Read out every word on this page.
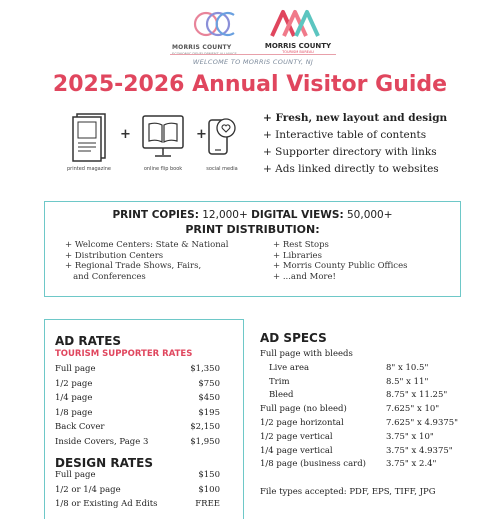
MORRIS COUNTY	MORRIS COUNTY
TOURISM BUREAU
WELCOME TO MORRIS COUNTY, NJ
2025-2026 Annual Visitor Guide
printed magazine
+
online flip book
+
social media
+ Fresh, new layout and design
+ Interactive table of contents
+ Supporter directory with links
+ Ads linked directly to websites
PRINT COPIES: 12,000+ DIGITAL VIEWS: 50,000+
PRINT DISTRIBUTION:
+ Welcome Centers: State & National
+ Distribution Centers
+ Regional Trade Shows, Fairs,
and Conferences
+ Rest Stops
+ Libraries
+ Morris County Public Offices
+ ...and More!
AD RATES
TOURISM SUPPORTER RATES
Full page	$1,350
1/2 page	$750
1/4 page	$450
1/8 page	$195
Back Cover	$2,150
Inside Covers, Page 3	$1,950
DESIGN RATES
Full page	$150
1/2 or 1/4 page	$100
1/8 or Existing Ad Edits	FREE
AD SPECS
Full page with bleeds
Live area	8" x 10.5"
Trim	8.5" x 11"
Bleed	8.75" x 11.25"
Full page (no bleed)	7.625" x 10"
1/2 page horizontal	7.625" x 4.9375"
1/2 page vertical	3.75" x 10"
1/4 page vertical	3.75" x 4.9375"
1/8 page (business card) 3.75" x 2.4"
File types accepted: PDF, EPS, TIFF, JPG
